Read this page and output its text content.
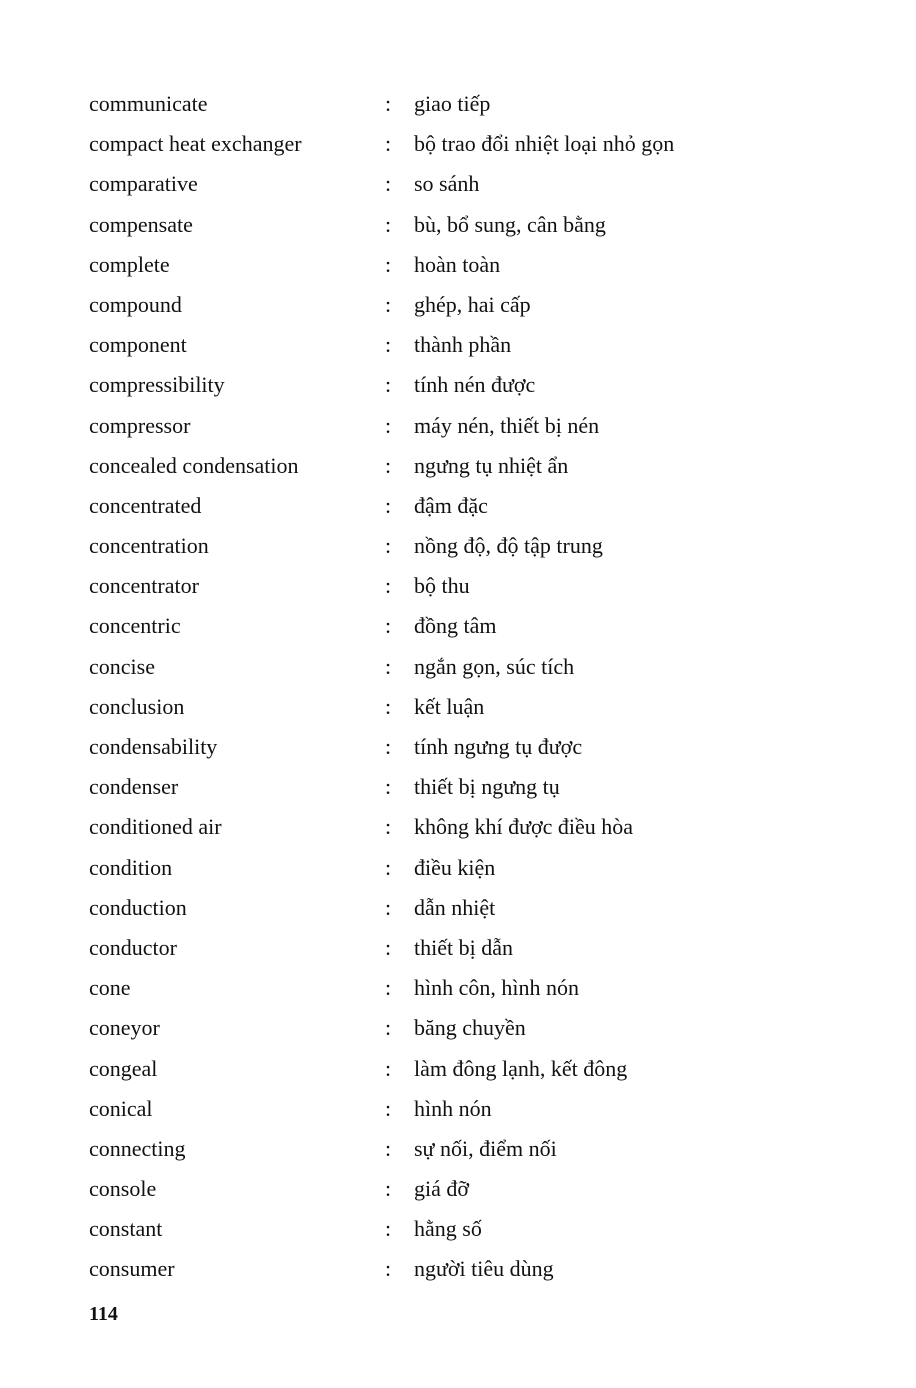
communicate	: giao tiếp
compact heat exchanger	: bộ trao đổi nhiệt loại nhỏ gọn
comparative	: so sánh
compensate	: bù, bổ sung, cân bằng
complete	: hoàn toàn
compound	: ghép, hai cấp
component	: thành phần
compressibility	: tính nén được
compressor	: máy nén, thiết bị nén
concealed condensation	: ngưng tụ nhiệt ẩn
concentrated	: đậm đặc
concentration	: nồng độ, độ tập trung
concentrator	: bộ thu
concentric	: đồng tâm
concise	: ngắn gọn, súc tích
conclusion	: kết luận
condensability	: tính ngưng tụ được
condenser	: thiết bị ngưng tụ
conditioned air	: không khí được điều hòa
condition	: điều kiện
conduction	: dẫn nhiệt
conductor	: thiết bị dẫn
cone	: hình côn, hình nón
coneyor	: băng chuyền
congeal	: làm đông lạnh, kết đông
conical	: hình nón
connecting	: sự nối, điểm nối
console	: giá đỡ
constant	: hằng số
consumer	: người tiêu dùng
114
